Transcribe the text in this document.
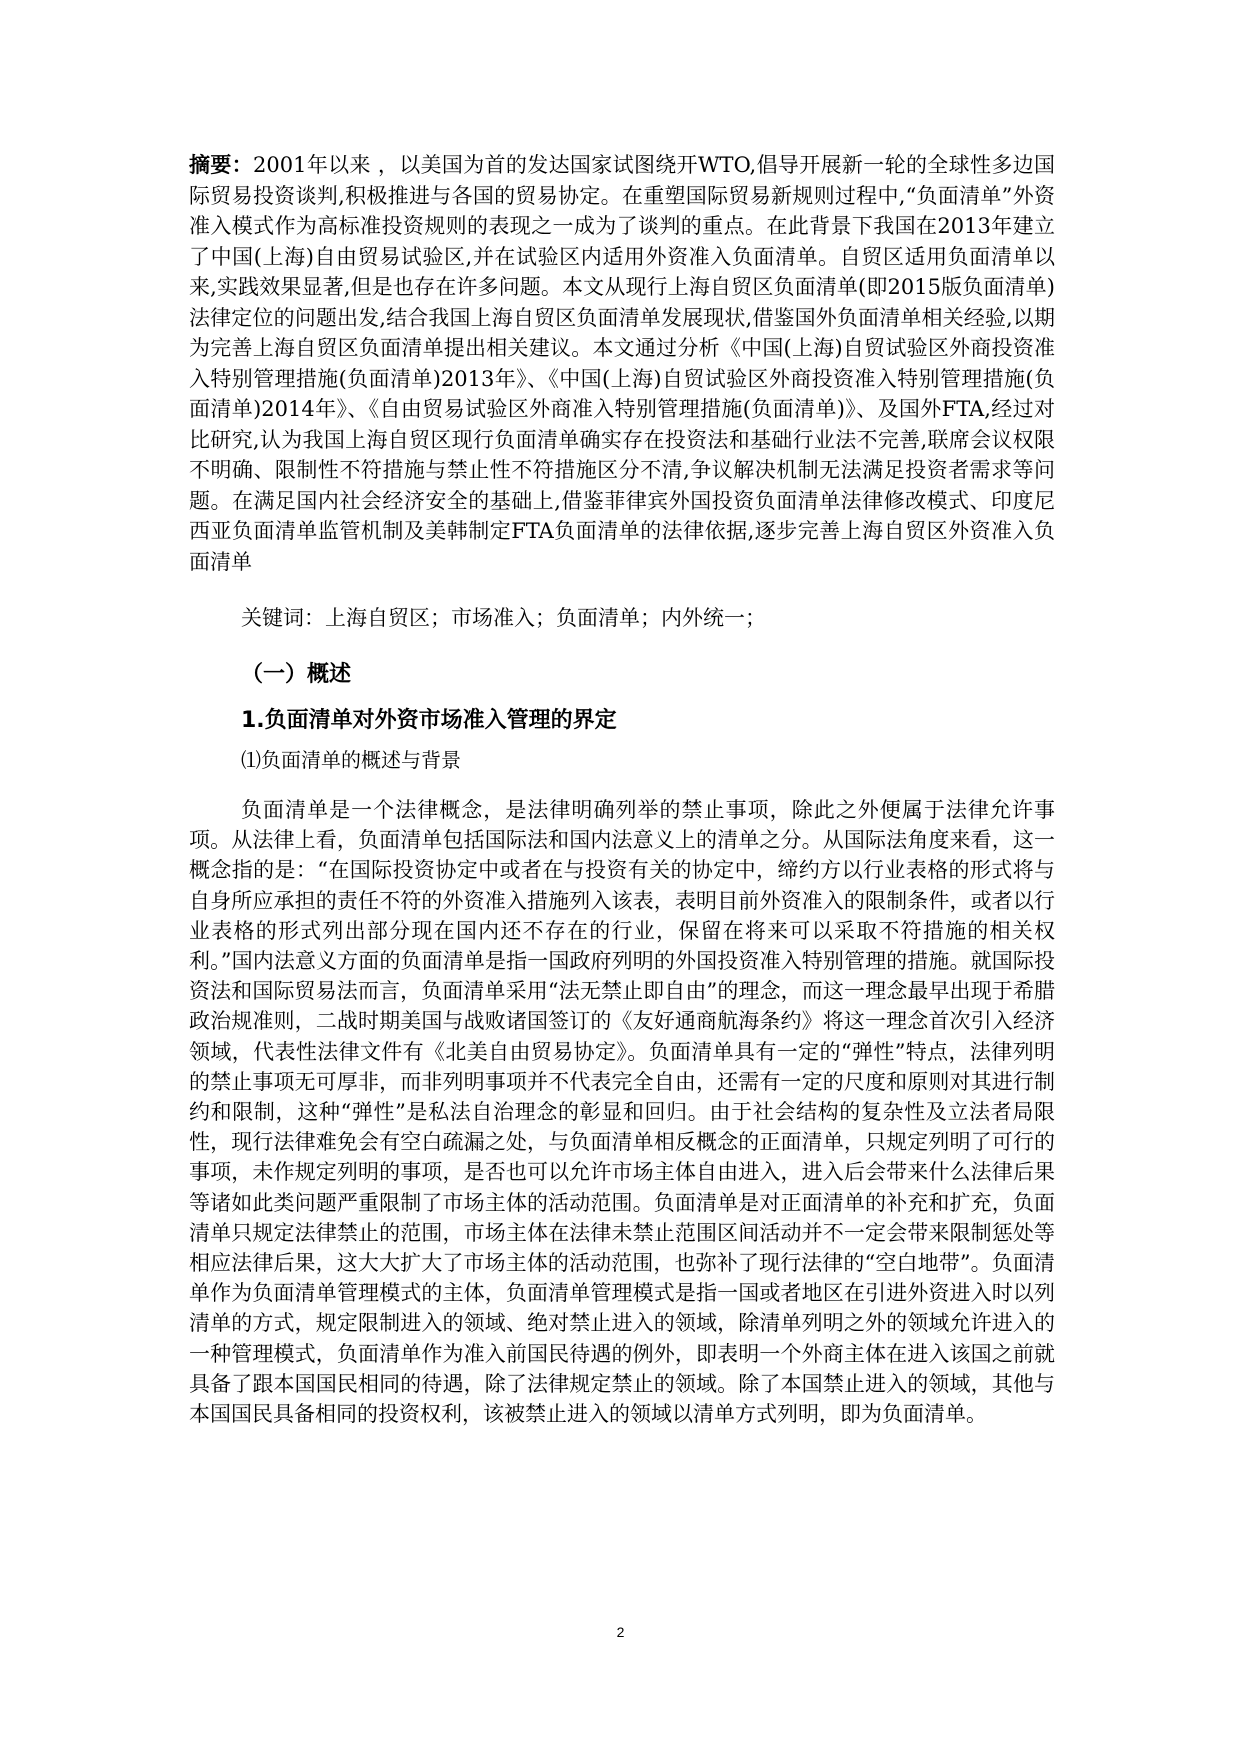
摘要：2001年以来 ，以美国为首的发达国家试图绕开WTO,倡导开展新一轮的全球性多边国际贸易投资谈判,积极推进与各国的贸易协定。在重塑国际贸易新规则过程中,“负面清单”外资准入模式作为高标准投资规则的表现之一成为了谈判的重点。在此背景下我国在2013年建立了中国(上海)自由贸易试验区,并在试验区内适用外资准入负面清单。自贸区适用负面清单以来,实践效果显著,但是也存在许多问题。本文从现行上海自贸区负面清单(即2015版负面清单)法律定位的问题出发,结合我国上海自贸区负面清单发展现状,借鉴国外负面清单相关经验,以期为完善上海自贸区负面清单提出相关建议。本文通过分析《中国(上海)自贸试验区外商投资准入特别管理措施(负面清单)2013年》、《中国(上海)自贸试验区外商投资准入特别管理措施(负面清单)2014年》、《自由贸易试验区外商准入特别管理措施(负面清单)》、及国外FTA,经过对比研究,认为我国上海自贸区现行负面清单确实存在投资法和基础行业法不完善,联席会议权限不明确、限制性不符措施与禁止性不符措施区分不清,争议解决机制无法满足投资者需求等问题。在满足国内社会经济安全的基础上,借鉴菲律宾外国投资负面清单法律修改模式、印度尼西亚负面清单监管机制及美韩制定FTA负面清单的法律依据,逐步完善上海自贸区外资准入负面清单

关键词：上海自贸区；市场准入；负面清单；内外统一；

（一）概述
1.负面清单对外资市场准入管理的界定
⑴负面清单的概述与背景

负面清单是一个法律概念，是法律明确列举的禁止事项，除此之外便属于法律允许事项。从法律上看，负面清单包括国际法和国内法意义上的清单之分。从国际法角度来看，这一概念指的是：“在国际投资协定中或者在与投资有关的协定中，缔约方以行业表格的形式将与自身所应承担的责任不符的外资准入措施列入该表，表明目前外资准入的限制条件，或者以行业表格的形式列出部分现在国内还不存在的行业，保留在将来可以采取不符措施的相关权利。”国内法意义方面的负面清单是指一国政府列明的外国投资准入特别管理的措施。就国际投资法和国际贸易法而言，负面清单采用“法无禁止即自由”的理念，而这一理念最早出现于希腊政治规准则，二战时期美国与战败诸国签订的《友好通商航海条约》将这一理念首次引入经济领域，代表性法律文件有《北美自由贸易协定》。负面清单具有一定的“弹性”特点，法律列明的禁止事项无可厚非，而非列明事项并不代表完全自由，还需有一定的尺度和原则对其进行制约和限制，这种“弹性”是私法自治理念的彰显和回归。由于社会结构的复杂性及立法者局限性，现行法律难免会有空白疏漏之处，与负面清单相反概念的正面清单，只规定列明了可行的事项，未作规定列明的事项，是否也可以允许市场主体自由进入，进入后会带来什么法律后果等诸如此类问题严重限制了市场主体的活动范围。负面清单是对正面清单的补充和扩充，负面清单只规定法律禁止的范围，市场主体在法律未禁止范围区间活动并不一定会带来限制惩处等相应法律后果，这大大扩大了市场主体的活动范围，也弥补了现行法律的“空白地带”。负面清单作为负面清单管理模式的主体，负面清单管理模式是指一国或者地区在引进外资进入时以列清单的方式，规定限制进入的领域、绝对禁止进入的领域，除清单列明之外的领域允许进入的一种管理模式，负面清单作为准入前国民待遇的例外，即表明一个外商主体在进入该国之前就具备了跟本国国民相同的待遇，除了法律规定禁止的领域。除了本国禁止进入的领域，其他与本国国民具备相同的投资权利，该被禁止进入的领域以清单方式列明，即为负面清单。

2
